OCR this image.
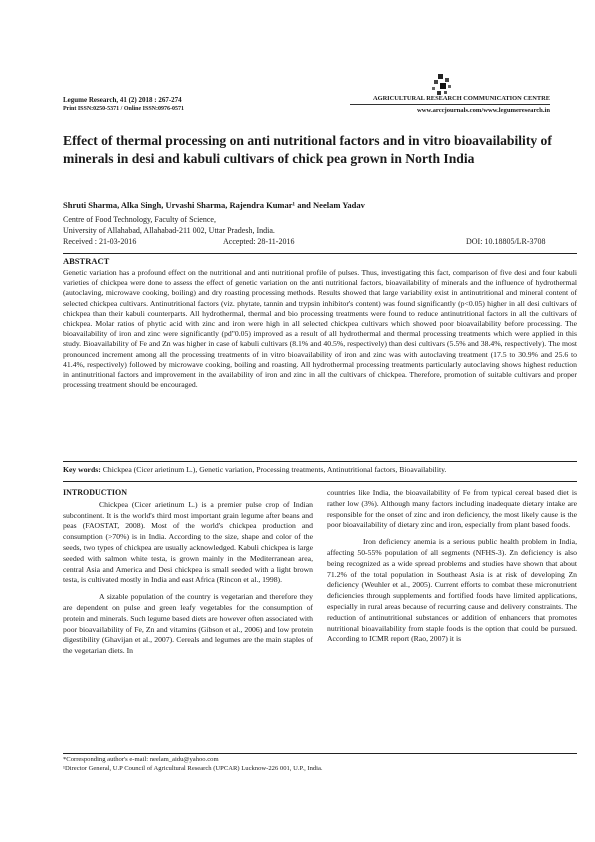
Legume Research, 41 (2) 2018 : 267-274
Print ISSN:0250-5371 / Online ISSN:0976-0571
AGRICULTURAL RESEARCH COMMUNICATION CENTRE
www.arccjournals.com/www.legumeresearch.in
Effect of thermal processing on anti nutritional factors and in vitro bioavailability of minerals in desi and kabuli cultivars of chick pea grown in North India
Shruti Sharma, Alka Singh, Urvashi Sharma, Rajendra Kumar¹ and Neelam Yadav
Centre of Food Technology, Faculty of Science,
University of Allahabad, Allahabad-211 002, Uttar Pradesh, India.
Received : 21-03-2016	Accepted: 28-11-2016	DOI: 10.18805/LR-3708
ABSTRACT
Genetic variation has a profound effect on the nutritional and anti nutritional profile of pulses. Thus, investigating this fact, comparison of five desi and four kabuli varieties of chickpea were done to assess the effect of genetic variation on the anti nutritional factors, bioavailability of minerals and the influence of hydrothermal (autoclaving, microwave cooking, boiling) and dry roasting processing methods. Results showed that large variability exist in antinutritional and mineral content of selected chickpea cultivars. Antinutritional factors (viz. phytate, tannin and trypsin inhibitor's content) was found significantly (p<0.05) higher in all desi cultivars of chickpea than their kabuli counterparts. All hydrothermal, thermal and bio processing treatments were found to reduce antinutritional factors in all the cultivars of chickpea. Molar ratios of phytic acid with zinc and iron were high in all selected chickpea cultivars which showed poor bioavailability before processing. The bioavailability of iron and zinc were significantly (pd"0.05) improved as a result of all hydrothermal and thermal processing treatments which were applied in this study. Bioavailability of Fe and Zn was higher in case of kabuli cultivars (8.1% and 40.5%, respectively) than desi cultivars (5.5% and 38.4%, respectively). The most pronounced increment among all the processing treatments of in vitro bioavailability of iron and zinc was with autoclaving treatment (17.5 to 30.9% and 25.6 to 41.4%, respectively) followed by microwave cooking, boiling and roasting. All hydrothermal processing treatments particularly autoclaving shows highest reduction in antinutritional factors and improvement in the availability of iron and zinc in all the cultivars of chickpea. Therefore, promotion of suitable cultivars and proper processing treatment should be encouraged.
Key words: Chickpea (Cicer arietinum L.), Genetic variation, Processing treatments, Antinutritional factors, Bioavailability.
INTRODUCTION

Chickpea (Cicer arietinum L.) is a premier pulse crop of Indian subcontinent. It is the world's third most important grain legume after beans and peas (FAOSTAT, 2008). Most of the world's chickpea production and consumption (>70%) is in India. According to the size, shape and color of the seeds, two types of chickpea are usually acknowledged. Kabuli chickpea is large seeded with salmon white testa, is grown mainly in the Mediterranean area, central Asia and America and Desi chickpea is small seeded with a light brown testa, is cultivated mostly in India and east Africa (Rincon et al., 1998).

A sizable population of the country is vegetarian and therefore they are dependent on pulse and green leafy vegetables for the consumption of protein and minerals. Such legume based diets are however often associated with poor bioavailability of Fe, Zn and vitamins (Gibson et al., 2006) and low protein digestibility (Ghavijan et al., 2007). Cereals and legumes are the main staples of the vegetarian diets. In

countries like India, the bioavailability of Fe from typical cereal based diet is rather low (3%). Although many factors including inadequate dietary intake are responsible for the onset of zinc and iron deficiency, the most likely cause is the poor bioavailability of dietary zinc and iron, especially from plant based foods.

Iron deficiency anemia is a serious public health problem in India, affecting 50-55% population of all segments (NFHS-3). Zn deficiency is also being recognized as a wide spread problems and studies have shown that about 71.2% of the total population in Southeast Asia is at risk of developing Zn deficiency (Weuhler et al., 2005). Current efforts to combat these micronutrient deficiencies through supplements and fortified foods have limited applications, especially in rural areas because of recurring cause and delivery constraints. The reduction of antinutritional substances or addition of enhancers that promotes nutritional bioavailability from staple foods is the option that could be pursued. According to ICMR report (Rao, 2007) it is

*Corresponding author's e-mail: neelam_aidu@yahoo.com
¹Director General, U.P Council of Agricultural Research (UPCAR) Lucknow-226 001, U.P., India.
